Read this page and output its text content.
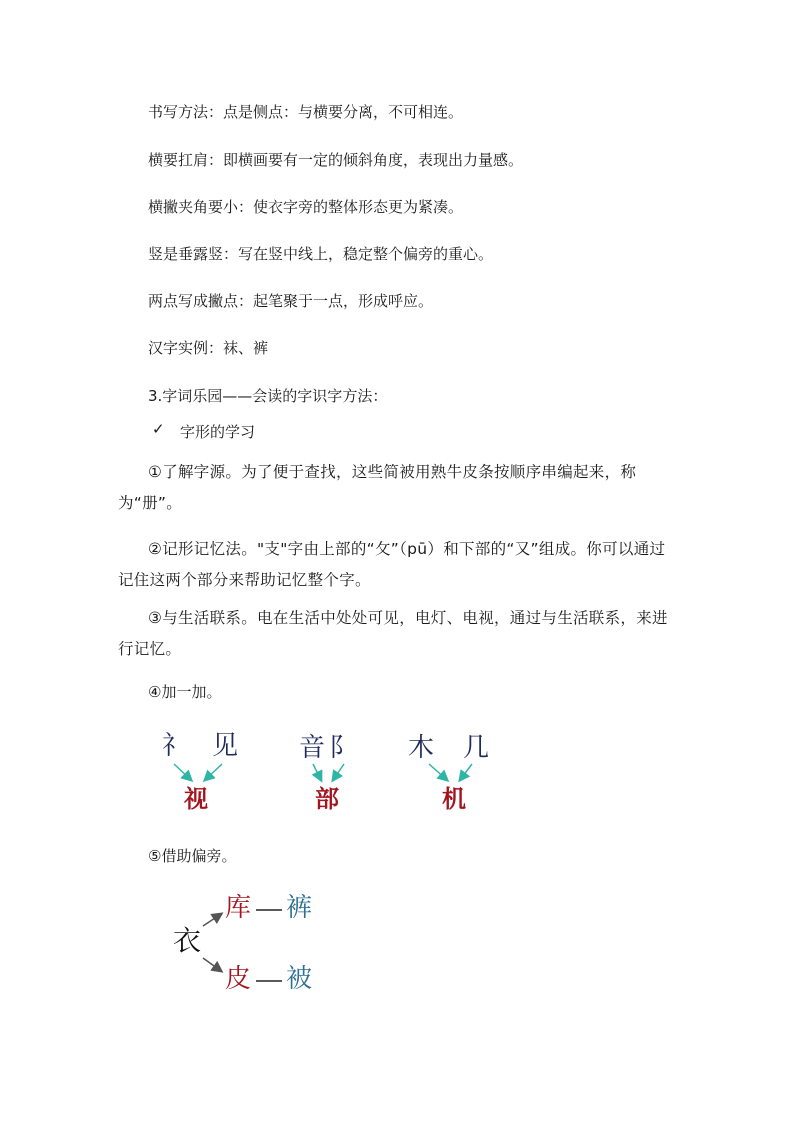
书写方法：点是侧点：与横要分离，不可相连。
横要扛肩：即横画要有一定的倾斜角度，表现出力量感。
横撇夹角要小：使衣字旁的整体形态更为紧凑。
竖是垂露竖：写在竖中线上，稳定整个偏旁的重心。
两点写成撇点：起笔聚于一点，形成呼应。
汉字实例：袜、裤
3.字词乐园——会读的字识字方法：
✓ 字形的学习
①了解字源。为了便于查找，这些简被用熟牛皮条按顺序串编起来，称为“册”。
②记形记忆法。"支"字由上部的“攵”（pū）和下部的“又”组成。你可以通过记住这两个部分来帮助记忆整个字。
③与生活联系。电在生活中处处可见，电灯、电视，通过与生活联系，来进行记忆。
④加一加。
礻 见
视
音 阝
部
木 几
机
⑤借助偏旁。
衣
库 裤
皮 被
